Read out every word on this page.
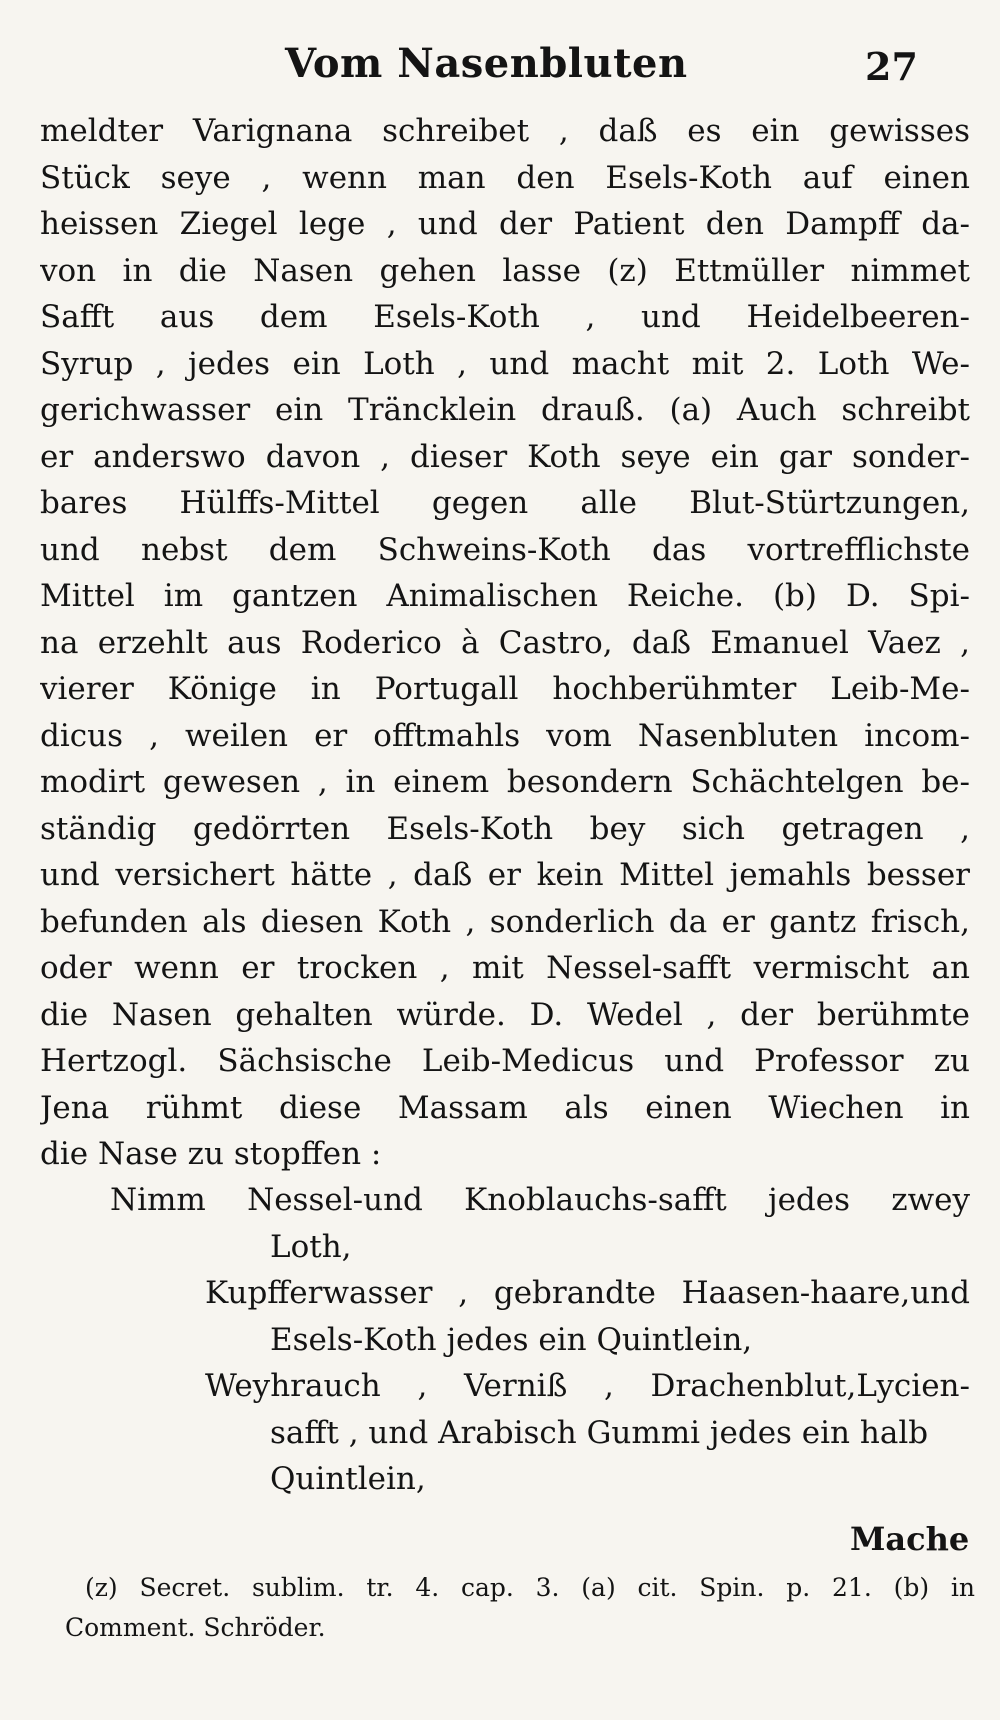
Vom Nasenbluten	27
meldter Varignana schreibet , daß es ein gewisses
Stück seye , wenn man den Esels-Koth auf einen
heissen Ziegel lege , und der Patient den Dampff da-
von in die Nasen gehen lasse (z) Ettmüller nimmet
Safft aus dem Esels-Koth , und Heidelbeeren-
Syrup , jedes ein Loth , und macht mit 2. Loth We-
gerichwasser ein Träncklein drauß. (a) Auch schreibt
er anderswo davon , dieser Koth seye ein gar sonder-
bares Hülffs-Mittel gegen alle Blut-Stürtzungen,
und nebst dem Schweins-Koth das vortrefflichste
Mittel im gantzen Animalischen Reiche. (b) D. Spi-
na erzehlt aus Roderico à Castro, daß Emanuel Vaez ,
vierer Könige in Portugall hochberühmter Leib-Me-
dicus , weilen er offtmahls vom Nasenbluten incom-
modirt gewesen , in einem besondern Schächtelgen be-
ständig gedörrten Esels-Koth bey sich getragen ,
und versichert hätte , daß er kein Mittel jemahls besser
befunden als diesen Koth , sonderlich da er gantz frisch,
oder wenn er trocken , mit Nessel-safft vermischt an
die Nasen gehalten würde. D. Wedel , der berühmte
Hertzogl. Sächsische Leib-Medicus und Professor zu
Jena rühmt diese Massam als einen Wiechen in
die Nase zu stopffen :
Nimm Nessel-und Knoblauchs-safft jedes zwey
Loth,
Kupfferwasser , gebrandte Haasen-haare,und
Esels-Koth jedes ein Quintlein,
Weyhrauch , Verniß , Drachenblut,Lycien-
safft , und Arabisch Gummi jedes ein halb
Quintlein,
Mache
(z) Secret. sublim. tr. 4. cap. 3. (a) cit. Spin. p. 21. (b) in
Comment. Schröder.
